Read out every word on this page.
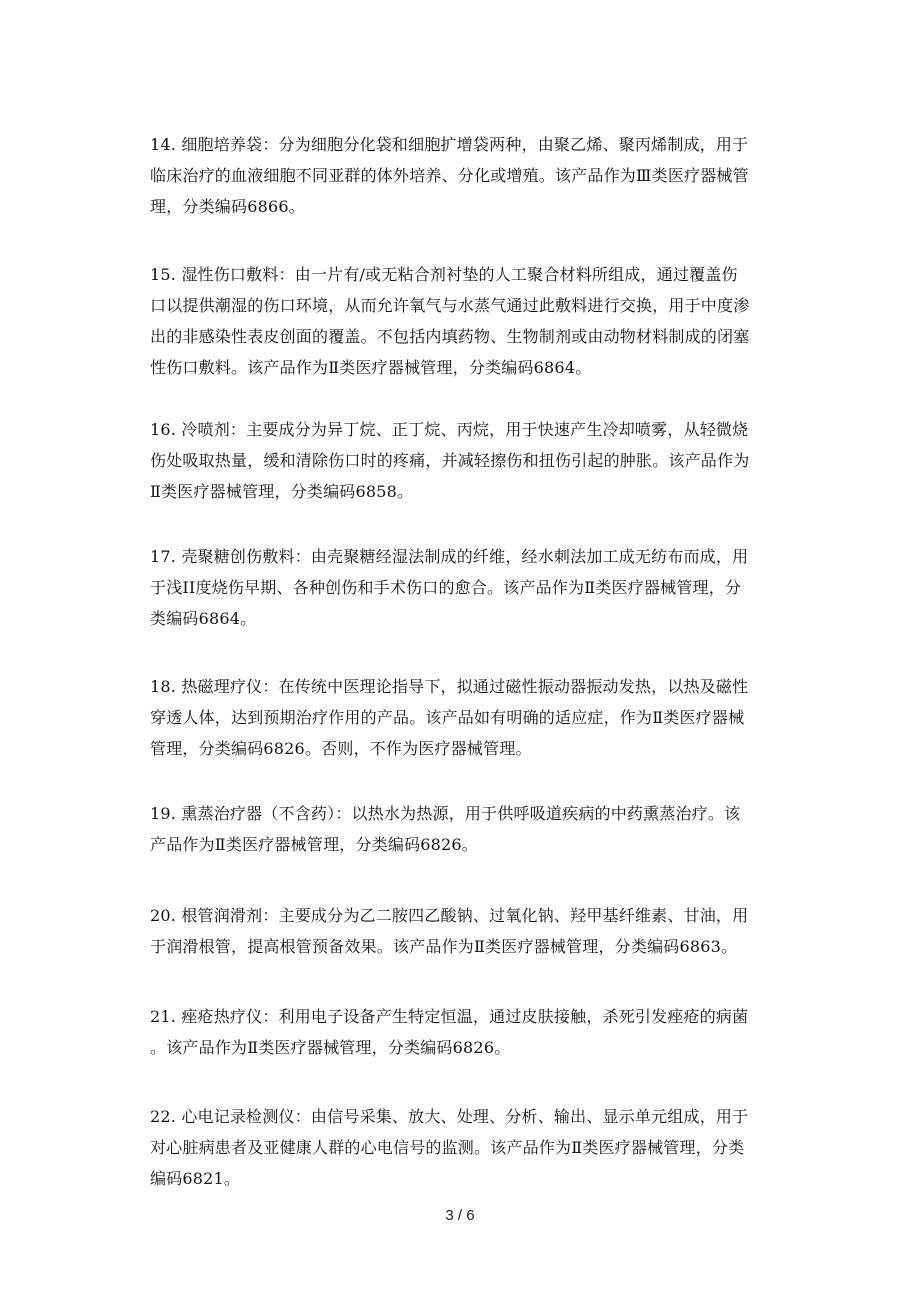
14. 细胞培养袋：分为细胞分化袋和细胞扩增袋两种，由聚乙烯、聚丙烯制成，用于
临床治疗的血液细胞不同亚群的体外培养、分化或增殖。该产品作为Ⅲ类医疗器械管
理，分类编码6866。
15. 湿性伤口敷料：由一片有/或无粘合剂衬垫的人工聚合材料所组成，通过覆盖伤
口以提供潮湿的伤口环境，从而允许氧气与水蒸气通过此敷料进行交换，用于中度渗
出的非感染性表皮创面的覆盖。不包括内填药物、生物制剂或由动物材料制成的闭塞
性伤口敷料。该产品作为Ⅱ类医疗器械管理，分类编码6864。
16. 冷喷剂：主要成分为异丁烷、正丁烷、丙烷，用于快速产生冷却喷雾，从轻微烧
伤处吸取热量，缓和清除伤口时的疼痛，并减轻擦伤和扭伤引起的肿胀。该产品作为
Ⅱ类医疗器械管理，分类编码6858。
17. 壳聚糖创伤敷料：由壳聚糖经湿法制成的纤维，经水刺法加工成无纺布而成，用
于浅II度烧伤早期、各种创伤和手术伤口的愈合。该产品作为Ⅱ类医疗器械管理，分
类编码6864。
18. 热磁理疗仪：在传统中医理论指导下，拟通过磁性振动器振动发热，以热及磁性
穿透人体，达到预期治疗作用的产品。该产品如有明确的适应症，作为Ⅱ类医疗器械
管理，分类编码6826。否则，不作为医疗器械管理。
19. 熏蒸治疗器（不含药）：以热水为热源，用于供呼吸道疾病的中药熏蒸治疗。该
产品作为Ⅱ类医疗器械管理，分类编码6826。
20. 根管润滑剂：主要成分为乙二胺四乙酸钠、过氧化钠、羟甲基纤维素、甘油，用
于润滑根管，提高根管预备效果。该产品作为Ⅱ类医疗器械管理，分类编码6863。
21. 痤疮热疗仪：利用电子设备产生特定恒温，通过皮肤接触，杀死引发痤疮的病菌
。该产品作为Ⅱ类医疗器械管理，分类编码6826。
22. 心电记录检测仪：由信号采集、放大、处理、分析、输出、显示单元组成，用于
对心脏病患者及亚健康人群的心电信号的监测。该产品作为Ⅱ类医疗器械管理，分类
编码6821。
3 / 6
